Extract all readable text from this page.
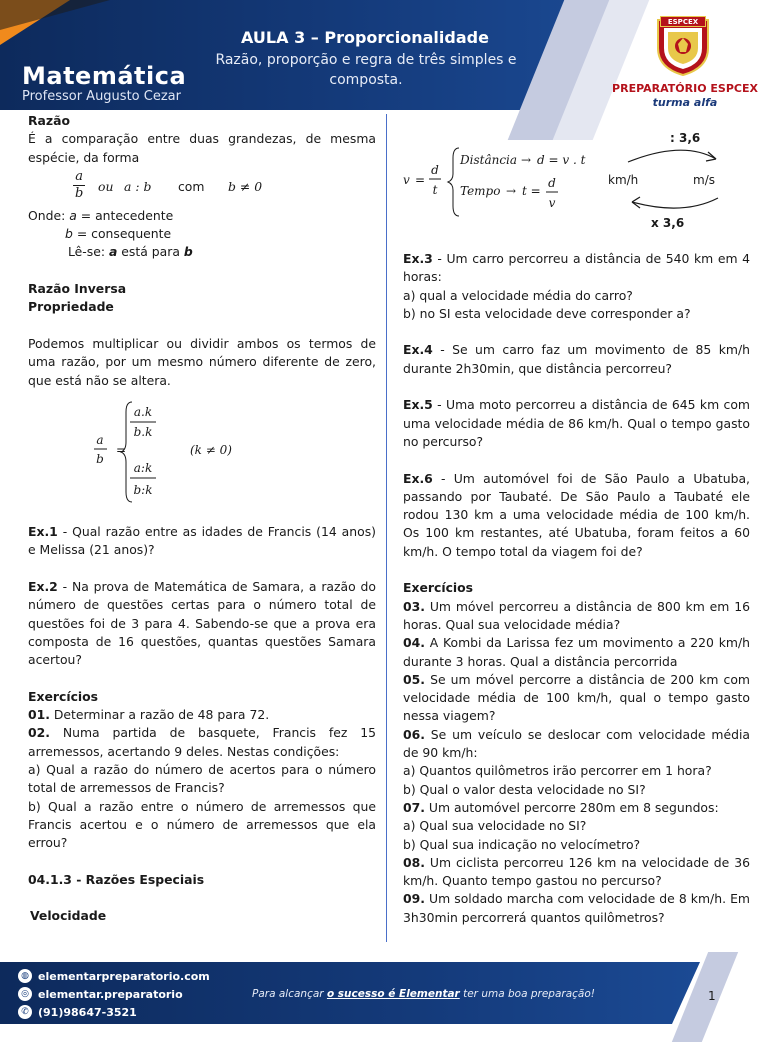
Matemática
Professor Augusto Cezar
AULA 3 – Proporcionalidade
Razão, proporção e regra de três simples e composta.
ESPCEX
PREPARATÓRIO ESPCEX
turma alfa
Razão
É a comparação entre duas grandezas, de mesma espécie, da forma
$\frac{a}{b}$ ou a : b com b ≠ 0
Onde: a = antecedente
b = consequente
Lê-se: a está para b
Razão Inversa
Propriedade
Podemos multiplicar ou dividir ambos os termos de uma razão, por um mesmo número diferente de zero, que está não se altera.
a
b
=
a.k
b.k
a:k
b:k
(k ≠ 0)
Ex.1 - Qual razão entre as idades de Francis (14 anos) e Melissa (21 anos)?
Ex.2 - Na prova de Matemática de Samara, a razão do número de questões certas para o número total de questões foi de 3 para 4. Sabendo-se que a prova era composta de 16 questões, quantas questões Samara acertou?
Exercícios
01. Determinar a razão de 48 para 72.
02. Numa partida de basquete, Francis fez 15 arremessos, acertando 9 deles. Nestas condições:
a) Qual a razão do número de acertos para o número total de arremessos de Francis?
b) Qual a razão entre o número de arremessos que Francis acertou e o número de arremessos que ela errou?
04.1.3 - Razões Especiais
Velocidade
v =
d
t
Distância → d = v . t
Tempo → t =
d
v
: 3,6
km/h	m/s
x 3,6
Ex.3 - Um carro percorreu a distância de 540 km em 4 horas:
a) qual a velocidade média do carro?
b) no SI esta velocidade deve corresponder a?
Ex.4 - Se um carro faz um movimento de 85 km/h durante 2h30min, que distância percorreu?
Ex.5 - Uma moto percorreu a distância de 645 km com uma velocidade média de 86 km/h. Qual o tempo gasto no percurso?
Ex.6 - Um automóvel foi de São Paulo a Ubatuba, passando por Taubaté. De São Paulo a Taubaté ele rodou 130 km a uma velocidade média de 100 km/h. Os 100 km restantes, até Ubatuba, foram feitos a 60 km/h. O tempo total da viagem foi de?
Exercícios
03. Um móvel percorreu a distância de 800 km em 16 horas. Qual sua velocidade média?
04. A Kombi da Larissa fez um movimento a 220 km/h durante 3 horas. Qual a distância percorrida
05. Se um móvel percorre a distância de 200 km com velocidade média de 100 km/h, qual o tempo gasto nessa viagem?
06. Se um veículo se deslocar com velocidade média de 90 km/h:
a) Quantos quilômetros irão percorrer em 1 hora?
b) Qual o valor desta velocidade no SI?
07. Um automóvel percorre 280m em 8 segundos:
a) Qual sua velocidade no SI?
b) Qual sua indicação no velocímetro?
08. Um ciclista percorreu 126 km na velocidade de 36 km/h. Quanto tempo gastou no percurso?
09. Um soldado marcha com velocidade de 8 km/h. Em 3h30min percorrerá quantos quilômetros?
◍ elementarpreparatorio.com
◎ elementar.preparatorio
✆ (91)98647-3521
Para alcançar o sucesso é Elementar ter uma boa preparação!	1
